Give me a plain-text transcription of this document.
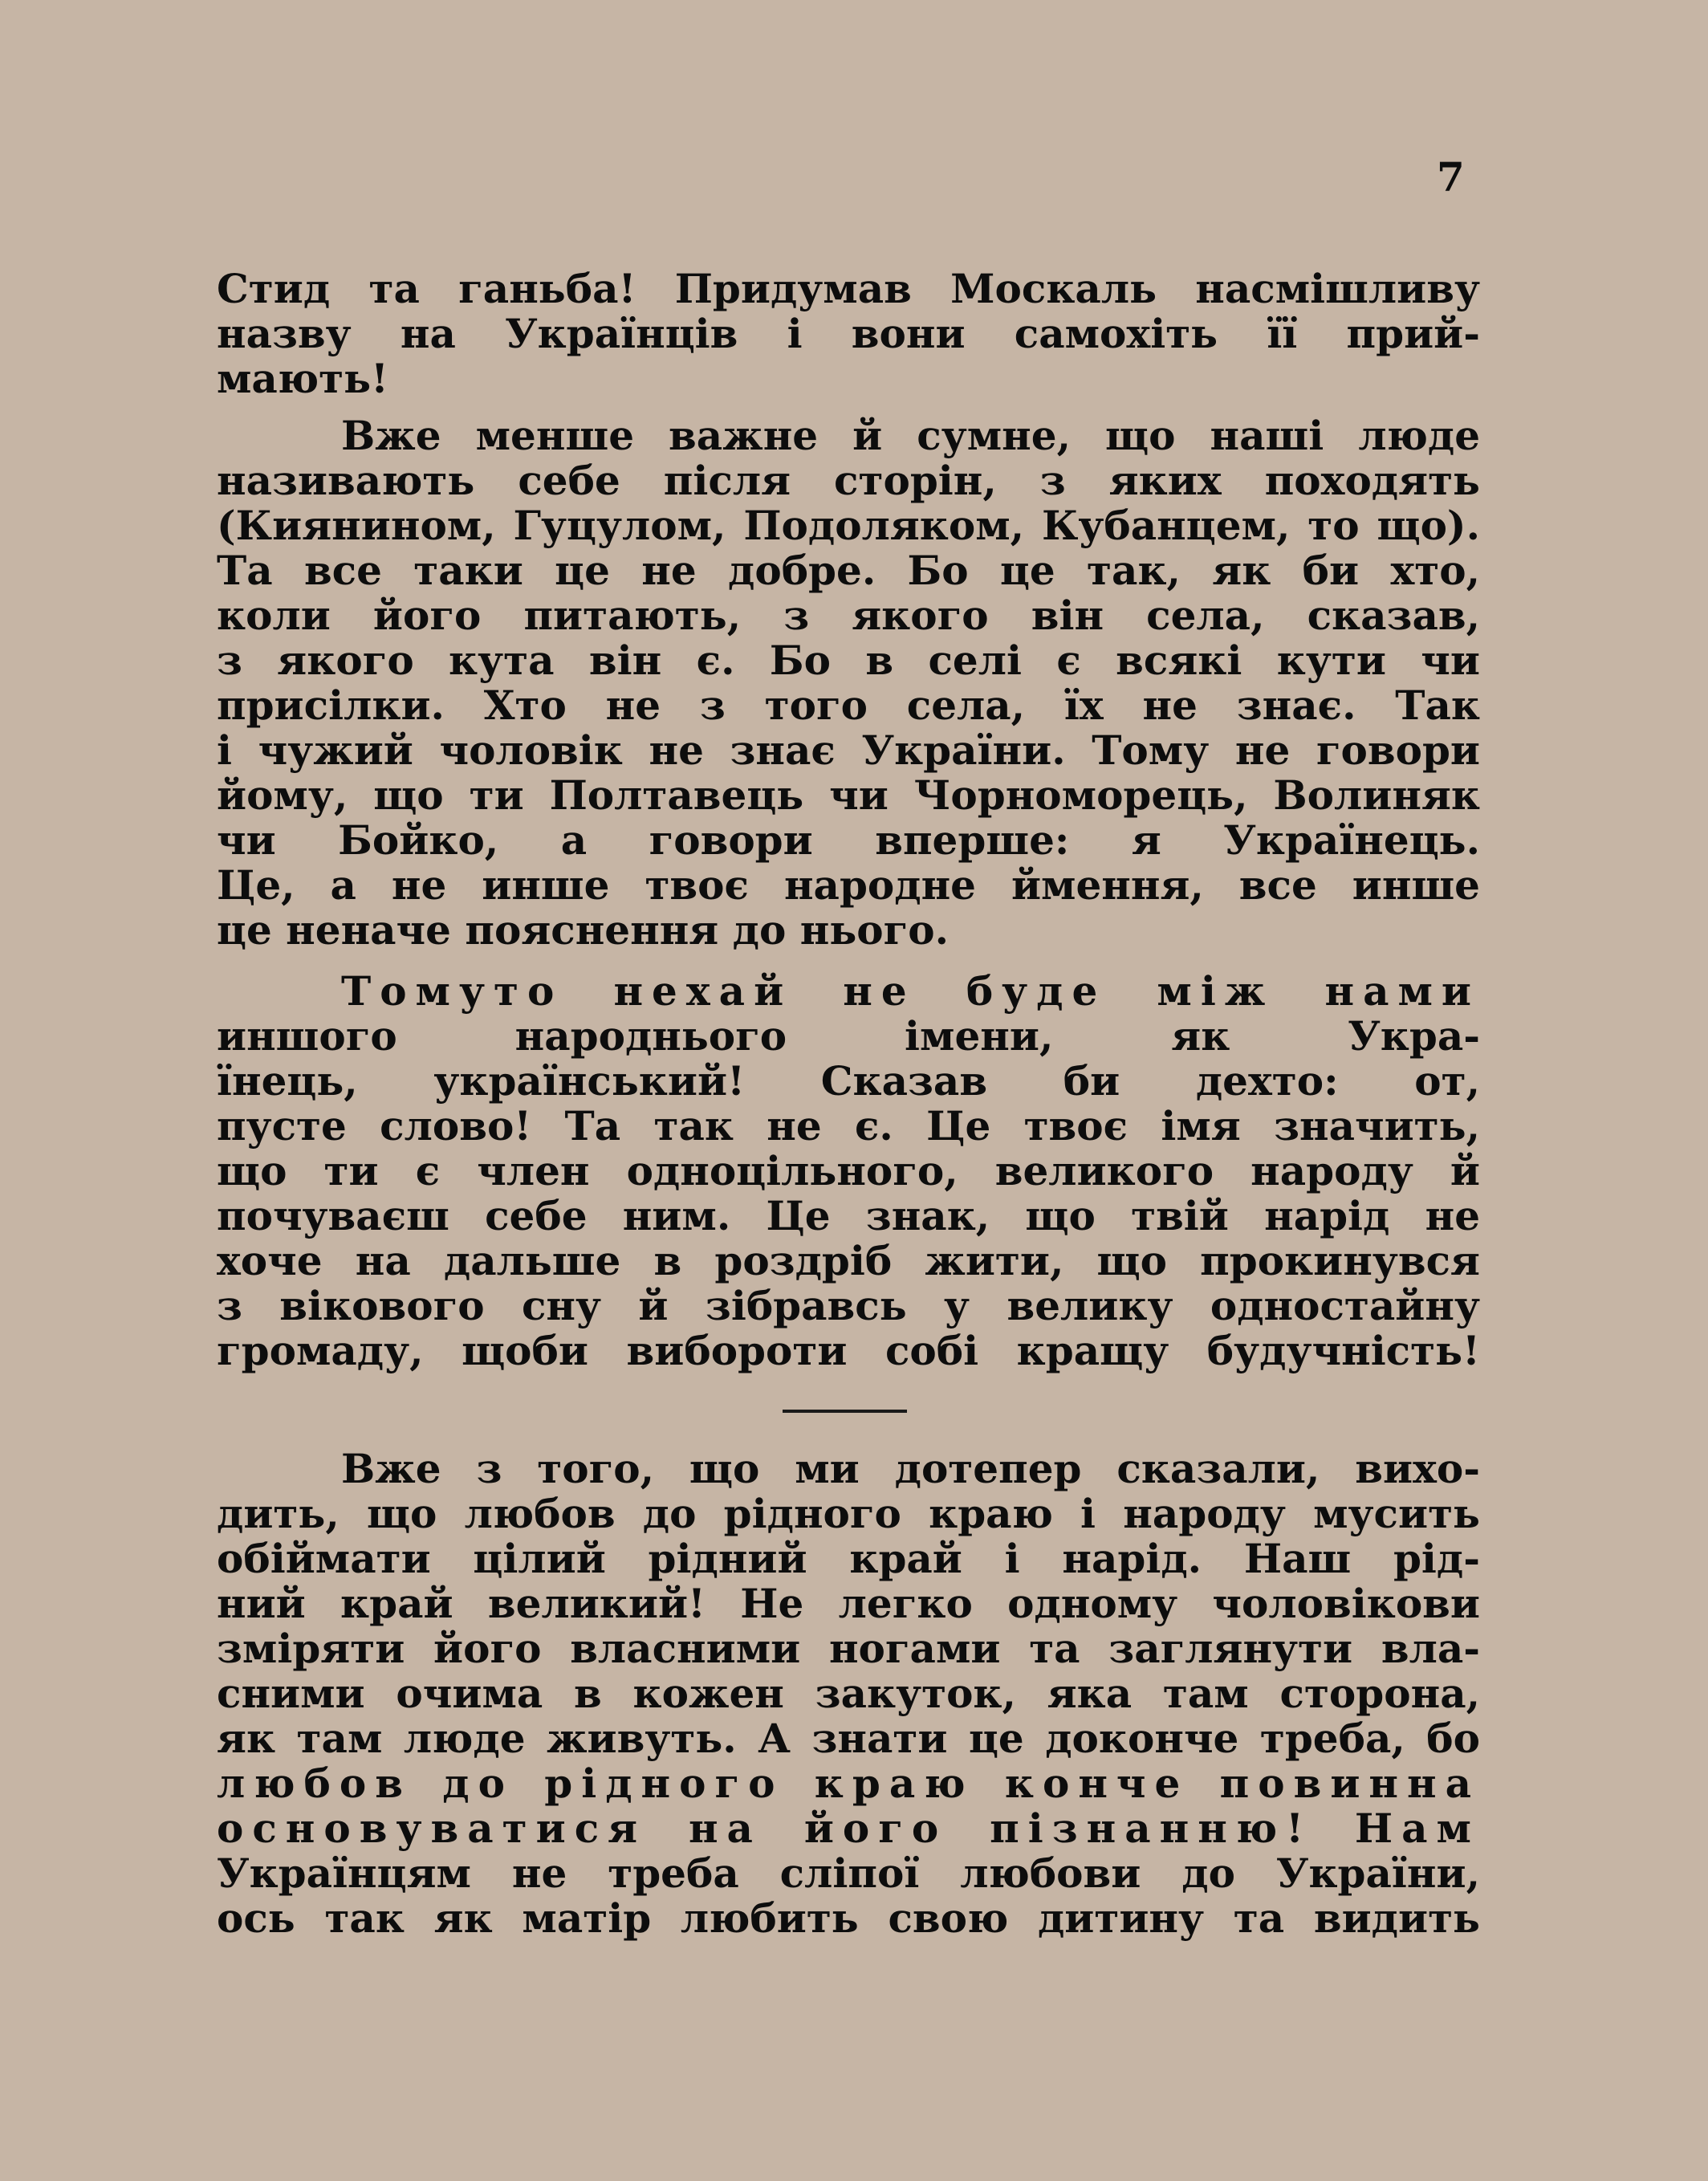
7
Стид та ганьба! Придумав Москаль насмішливу
назву на Українців і вони самохіть її прий-
мають!
Вже менше важне й сумне, що наші люде
називають себе після сторін, з яких походять
(Киянином, Гуцулом, Подоляком, Кубанцем, то що).
Та все таки це не добре. Бо це так, як би хто,
коли його питають, з якого він села, сказав,
з якого кута він є. Бо в селі є всякі кути чи
присілки. Хто не з того села, їх не знає. Так
і чужий чоловік не знає України. Тому не говори
йому, що ти Полтавець чи Чорноморець, Волиняк
чи Бойко, а говори вперше: я Українець.
Це, а не инше твоє народне ймення, все инше
це неначе пояснення до нього.
Томуто нехай не буде між нами
иншого народнього імени, як Укра-
їнець, український! Сказав би дехто: от,
пусте слово! Та так не є. Це твоє імя значить,
що ти є член одноцільного, великого народу й
почуваєш себе ним. Це знак, що твій нарід не
хоче на дальше в роздріб жити, що прокинувся
з вікового сну й зібравсь у велику одностайну
громаду, щоби вибороти собі кращу будучність!
Вже з того, що ми дотепер сказали, вихо-
дить, що любов до рідного краю і народу мусить
обіймати цілий рідний край і нарід. Наш рід-
ний край великий! Не легко одному чоловікови
зміряти його власними ногами та заглянути вла-
сними очима в кожен закуток, яка там сторона,
як там люде живуть. А знати це доконче треба, бо
любов до рідного краю конче повинна
основуватися на його пізнанню! Нам
Українцям не треба сліпої любови до України,
ось так як матір любить свою дитину та видить
